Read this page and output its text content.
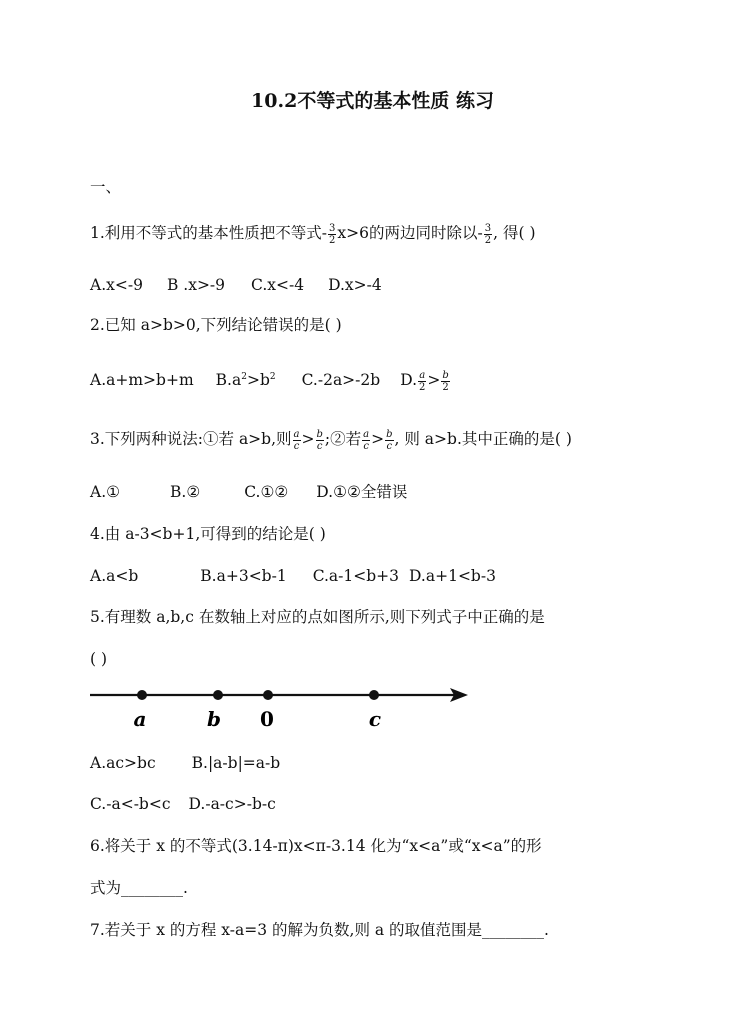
10.2不等式的基本性质 练习
一、
1.利用不等式的基本性质把不等式- $\frac{3}{2} x>6$的两边同时除以- $\frac{3}{2}$ , 得( )
A.x<-9 B .x>-9 C.x<-4 D.x>-4
2.已知 a>b>0,下列结论错误的是( )
A.a+m>b+m $B.a^2>b^2$ C.-2a>-2b D. $\frac{a}{2} > \frac{b}{2}$
3.下列两种说法:①若 a>b,则 $\frac{a}{c} > \frac{b}{c}$ ;②若 $\frac{a}{c} > \frac{b}{c}$ , 则 a>b.其中正确的是( )
A.①	B.②	C.①② D.①②全错误
4.由 a-3<b+1,可得到的结论是( )
A.a<b	B.a+3<b-1 C.a-1<b+3 D.a+1<b-3
5.有理数 a,b,c 在数轴上对应的点如图所示,则下列式子中正确的是
( )
a	b 0	c
A.ac>bc B.|a-b|=a-b
C.-a<-b<c D.-a-c>-b-c
6.将关于 x 的不等式(3.14-π)x<π-3.14 化为“x<a”或“x<a”的形
式为________.
7.若关于 x 的方程 x-a=3 的解为负数,则 a 的取值范围是________.
